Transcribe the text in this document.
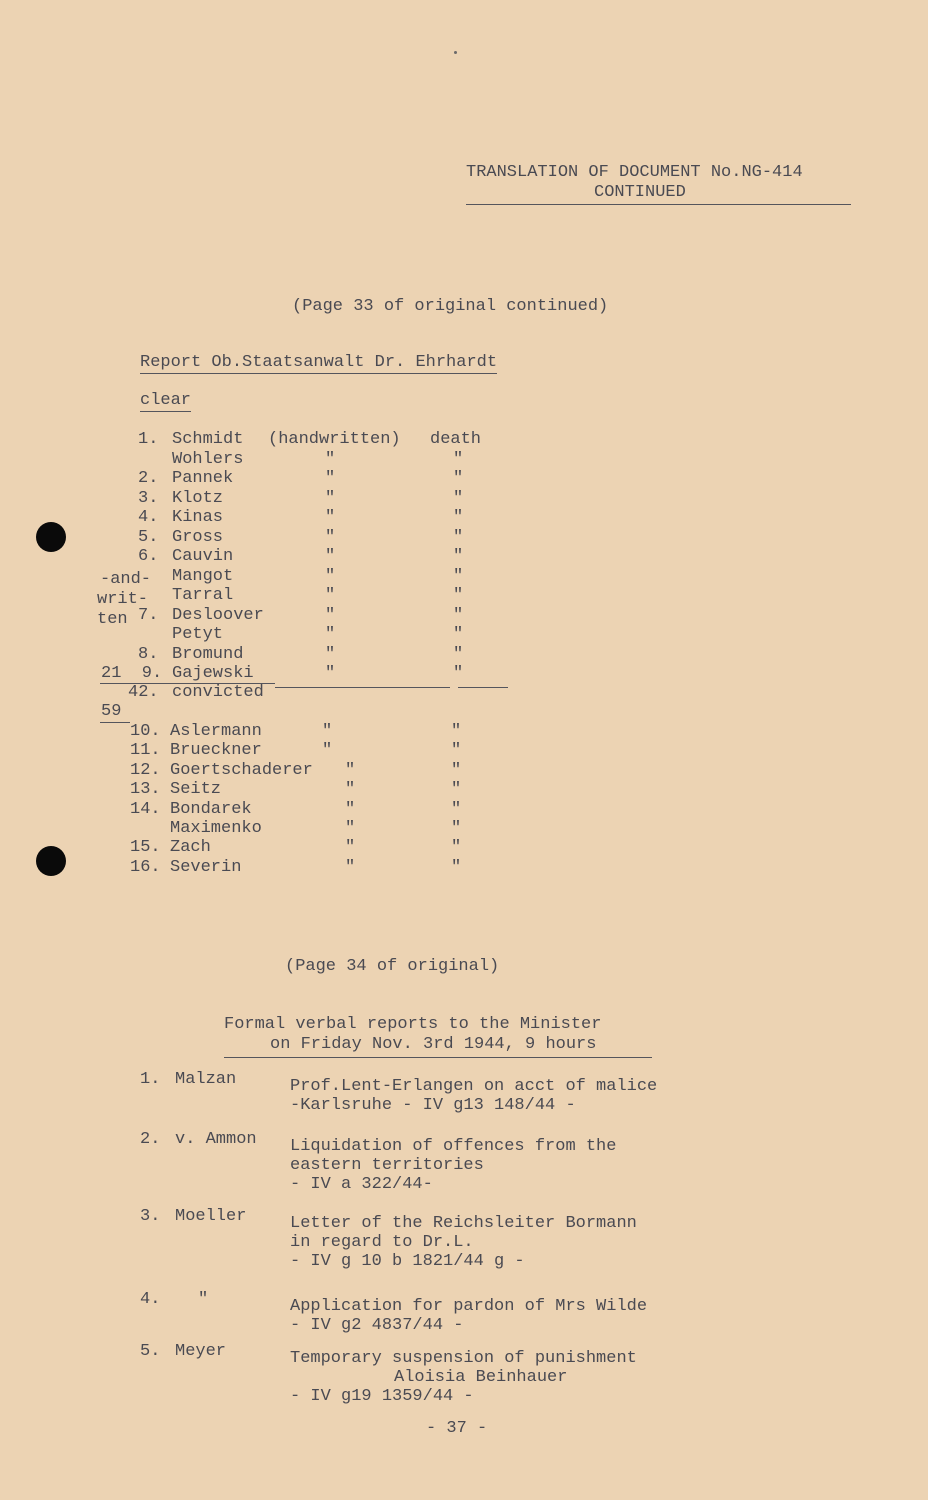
TRANSLATION OF DOCUMENT No.NG-414
CONTINUED
(Page 33 of original continued)
Report Ob.Staatsanwalt Dr. Ehrhardt
clear
-and-
writ-
ten
1. Schmidt (handwritten) death
Wohlers	"	"
2. Pannek	"	"
3. Klotz	"	"
4. Kinas	"	"
5. Gross	"	"
6. Cauvin	"	"
Mangot	"	"
Tarral	"	"
7. Desloover	"	"
Petyt	"	"
8. Bromund	"	"
21  9. Gajewski	"	"
42. convicted
59
10. Aslermann	"	"
11. Brueckner	"	"
12. Goertschaderer "	"
13. Seitz	"	"
14. Bondarek	"	"
Maximenko	"	"
15. Zach	"	"
16. Severin	"	"
(Page 34 of original)
Formal verbal reports to the Minister
on Friday Nov. 3rd 1944, 9 hours
1. Malzan	Prof.Lent-Erlangen on acct of malice
-Karlsruhe - IV g13 148/44 -
2. v. Ammon Liquidation of offences from the
eastern territories
- IV a 322/44-
3. Moeller	Letter of the Reichsleiter Bormann
in regard to Dr.L.
- IV g 10 b 1821/44 g -
4. "	Application for pardon of Mrs Wilde
- IV g2 4837/44 -
5. Meyer	Temporary suspension of punishment
Aloisia Beinhauer
- IV g19 1359/44 -
- 37 -
